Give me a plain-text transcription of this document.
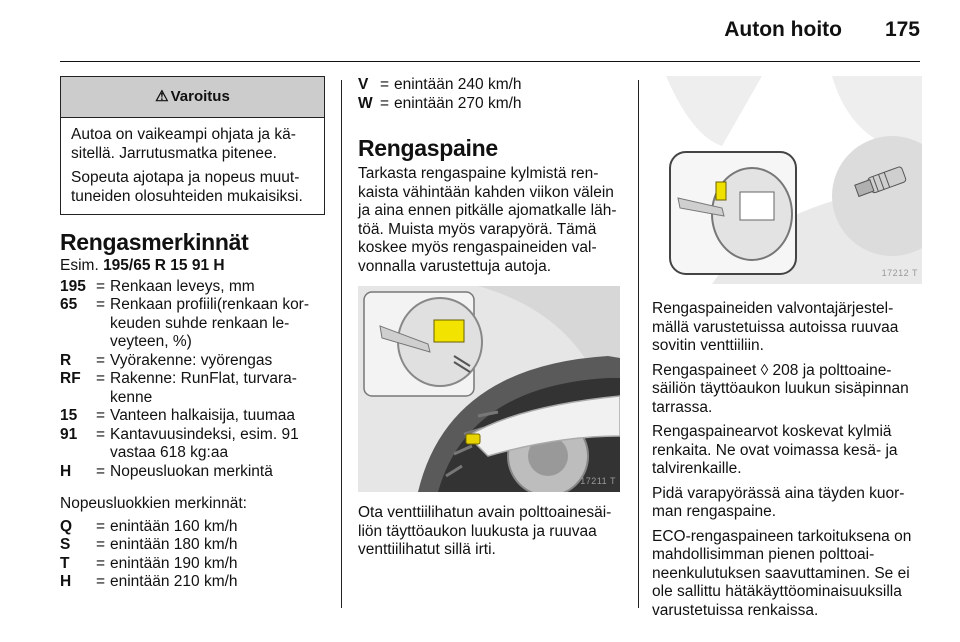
Auton hoito 175
⚠ Varoitus

Autoa on vaikeampi ohjata ja kä-sitellä. Jarrutusmatka pitenee.

Sopeuta ajotapa ja nopeus muut-tuneiden olosuhteiden mukaisiksi.

Rengasmerkinnät

Esim. 195/65 R 15 91 H

195 = Renkaan leveys, mm
65	= Renkaan profiili(renkaan kor-keuden suhde renkaan le-veyteen, %)
R	= Vyörakenne: vyörengas
RF = Rakenne: RunFlat, turvara-kenne
15	= Vanteen halkaisija, tuumaa
91	= Kantavuusindeksi, esim. 91 vastaa 618 kg:aa
H	= Nopeusluokan merkintä

Nopeusluokkien merkinnät:

Q	= enintään 160 km/h
S	= enintään 180 km/h
T	= enintään 190 km/h
H	= enintään 210 km/h
V = enintään 240 km/h
W = enintään 270 km/h
Rengaspaine

Tarkasta rengaspaine kylmistä ren-kaista vähintään kahden viikon välein ja aina ennen pitkälle ajomatkalle läh-töä. Muista myös varapyörä. Tämä koskee myös rengaspaineiden val-vonnalla varustettuja autoja.

17211 T

Ota venttiilihatun avain polttoainesäi-liön täyttöaukon luukusta ja ruuvaa venttiilihatut sillä irti.

17212 T

Rengaspaineiden valvontajärjestel-mällä varustetuissa autoissa ruuvaa sovitin venttiiliin.

Rengaspaineet ◊ 208 ja polttoaine-säiliön täyttöaukon luukun sisäpinnan tarrassa.

Rengaspainearvot koskevat kylmiä renkaita. Ne ovat voimassa kesä- ja talvirenkaille.

Pidä varapyörässä aina täyden kuor-man rengaspaine.

ECO-rengaspaineen tarkoituksena on mahdollisimman pienen polttoai-neenkulutuksen saavuttaminen. Se ei ole sallittu hätäkäyttöominaisuuksilla varustetuissa renkaissa.
